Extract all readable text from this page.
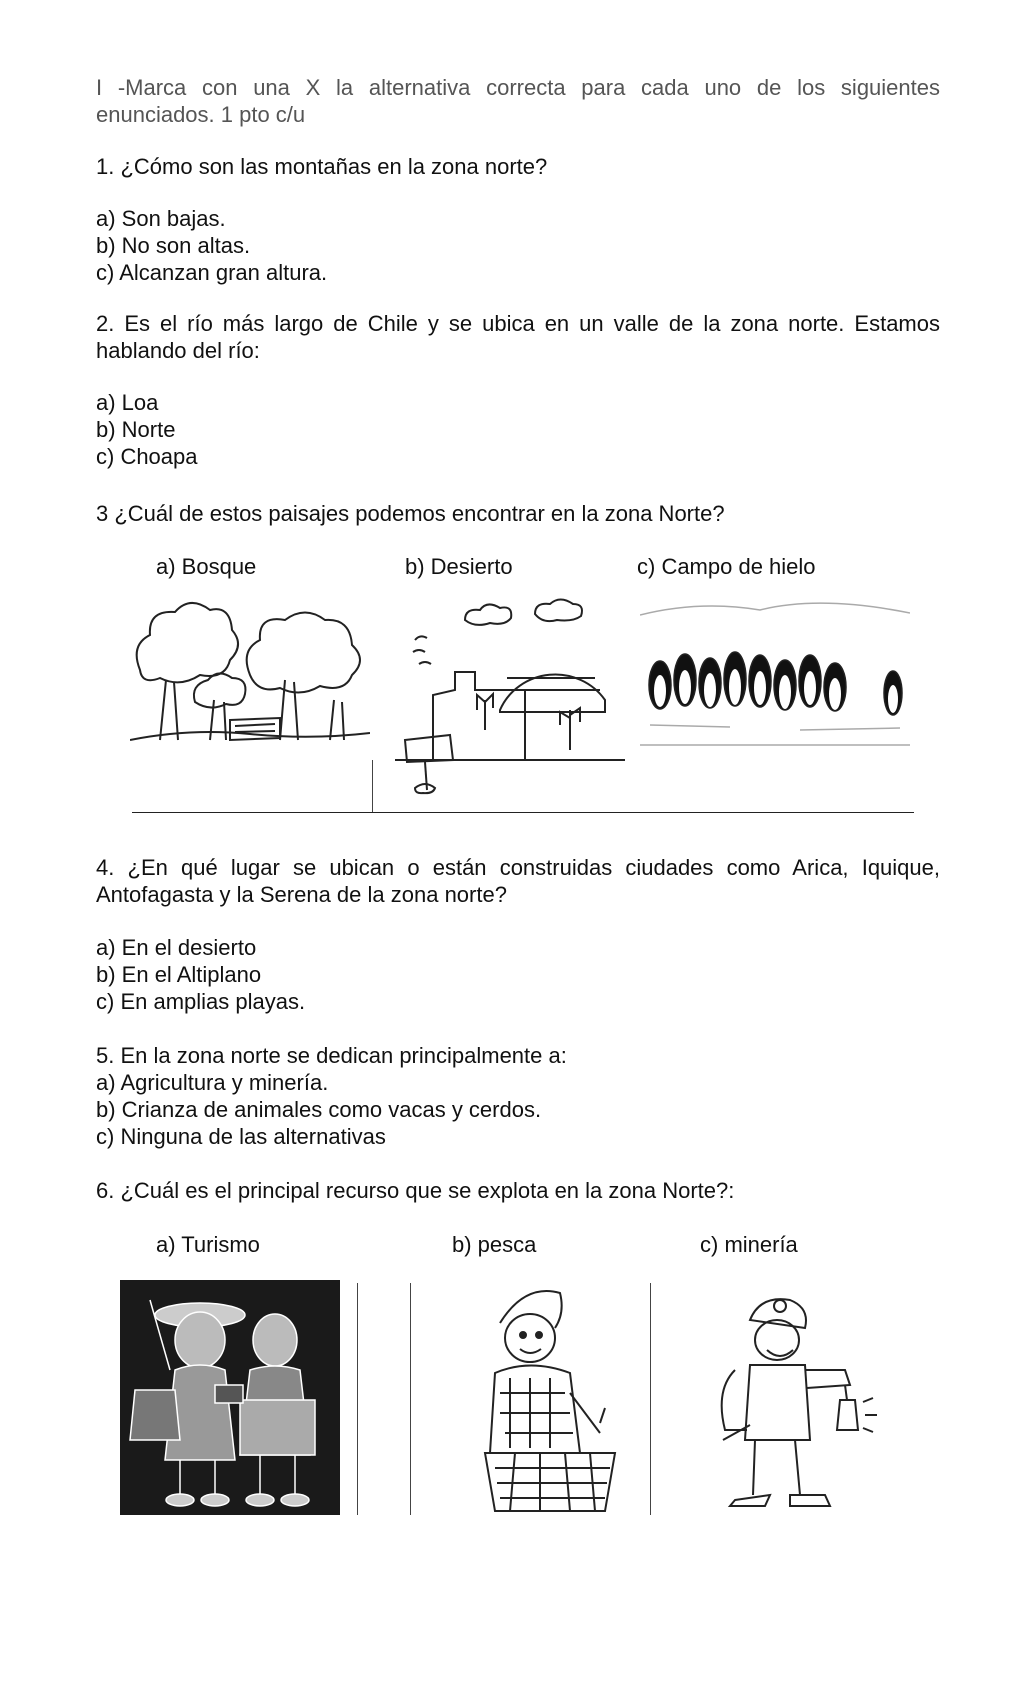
I -Marca con una X la alternativa correcta para cada uno de los siguientes
enunciados. 1 pto c/u
1. ¿Cómo son las montañas en la zona norte?
a) Son bajas.
b) No son altas.
c) Alcanzan gran altura.
2. Es el río más largo de Chile y se ubica en un valle de la zona norte. Estamos
hablando del río:
a) Loa
b) Norte
c) Choapa
3 ¿Cuál de estos paisajes podemos encontrar en la zona Norte?
a) Bosque	b) Desierto	c) Campo de hielo
4. ¿En qué lugar se ubican o están construidas ciudades como Arica, Iquique,
Antofagasta y la Serena de la zona norte?
a) En el desierto
b) En el Altiplano
c) En amplias playas.
5. En la zona norte se dedican principalmente a:
a) Agricultura y minería.
b) Crianza de animales como vacas y cerdos.
c) Ninguna de las alternativas
6. ¿Cuál es el principal recurso que se explota en la zona Norte?:
a) Turismo	b) pesca	c) minería
